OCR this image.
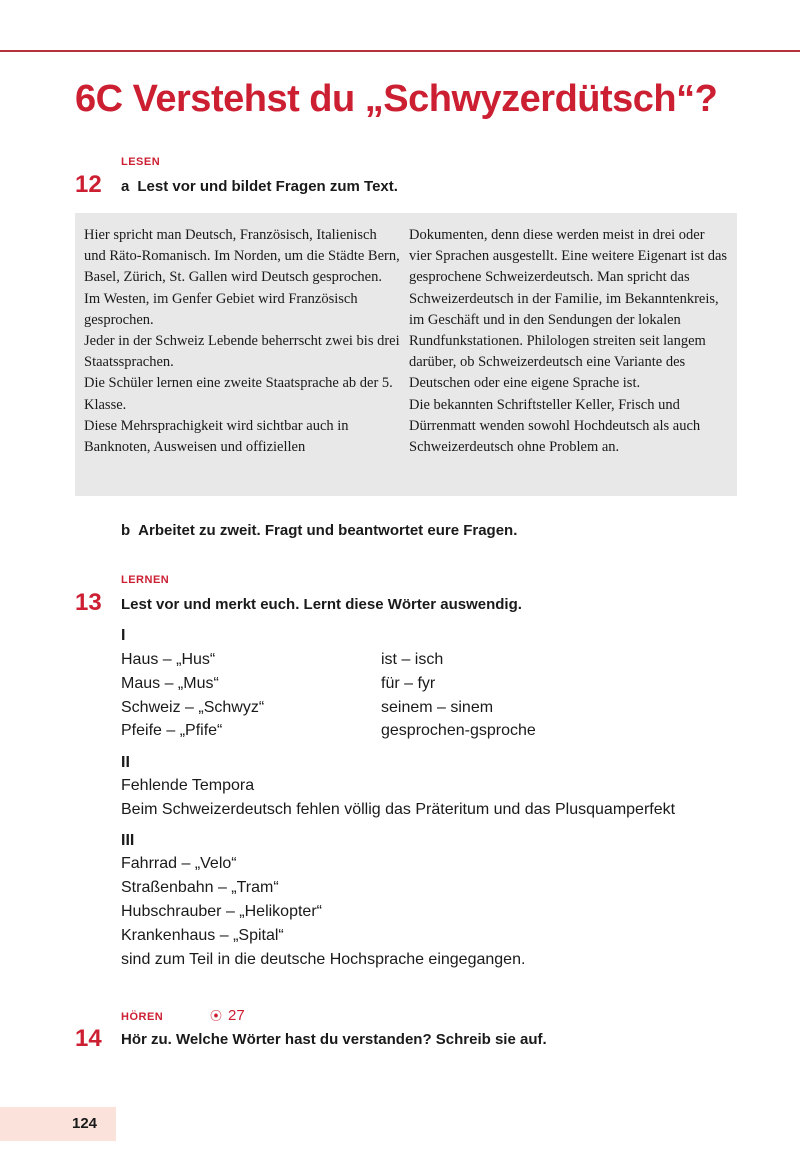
6C Verstehst du „Schwyzerdütsch“?
LESEN
12 a Lest vor und bildet Fragen zum Text.

Hier spricht man Deutsch, Französisch, Italienisch und Räto-Romanisch. Im Norden, um die Städte Bern, Basel, Zürich, St. Gallen wird Deutsch gesprochen.

Im Westen, im Genfer Gebiet wird Französisch gesprochen.

Jeder in der Schweiz Lebende beherrscht zwei bis drei Staatssprachen.

Die Schüler lernen eine zweite Staatsprache ab der 5. Klasse.

Diese Mehrsprachigkeit wird sichtbar auch in Banknoten, Ausweisen und offiziellen

Dokumenten, denn diese werden meist in drei oder vier Sprachen ausgestellt. Eine weitere Eigenart ist das gesprochene Schweizerdeutsch. Man spricht das Schweizerdeutsch in der Familie, im Bekanntenkreis, im Geschäft und in den Sendungen der lokalen Rundfunkstationen. Philologen streiten seit langem darüber, ob Schweizerdeutsch eine Variante des Deutschen oder eine eigene Sprache ist.

Die bekannten Schriftsteller Keller, Frisch und Dürrenmatt wenden sowohl Hochdeutsch als auch Schweizerdeutsch ohne Problem an.

b Arbeitet zu zweit. Fragt und beantwortet eure Fragen.
LERNEN
13 Lest vor und merkt euch. Lernt diese Wörter auswendig.
I
Haus – „Hus“
Maus – „Mus“
Schweiz – „Schwyz“
Pfeife – „Pfife“
ist – isch
für – fyr
seinem – sinem
gesprochen-gsproche
II
Fehlende Tempora
Beim Schweizerdeutsch fehlen völlig das Präteritum und das Plusquamperfekt
III
Fahrrad – „Velo“
Straßenbahn – „Tram“
Hubschrauber – „Helikopter“
Krankenhaus – „Spital“
sind zum Teil in die deutsche Hochsprache eingegangen.
HÖREN	⦿ 27
14 Hör zu. Welche Wörter hast du verstanden? Schreib sie auf.
124
